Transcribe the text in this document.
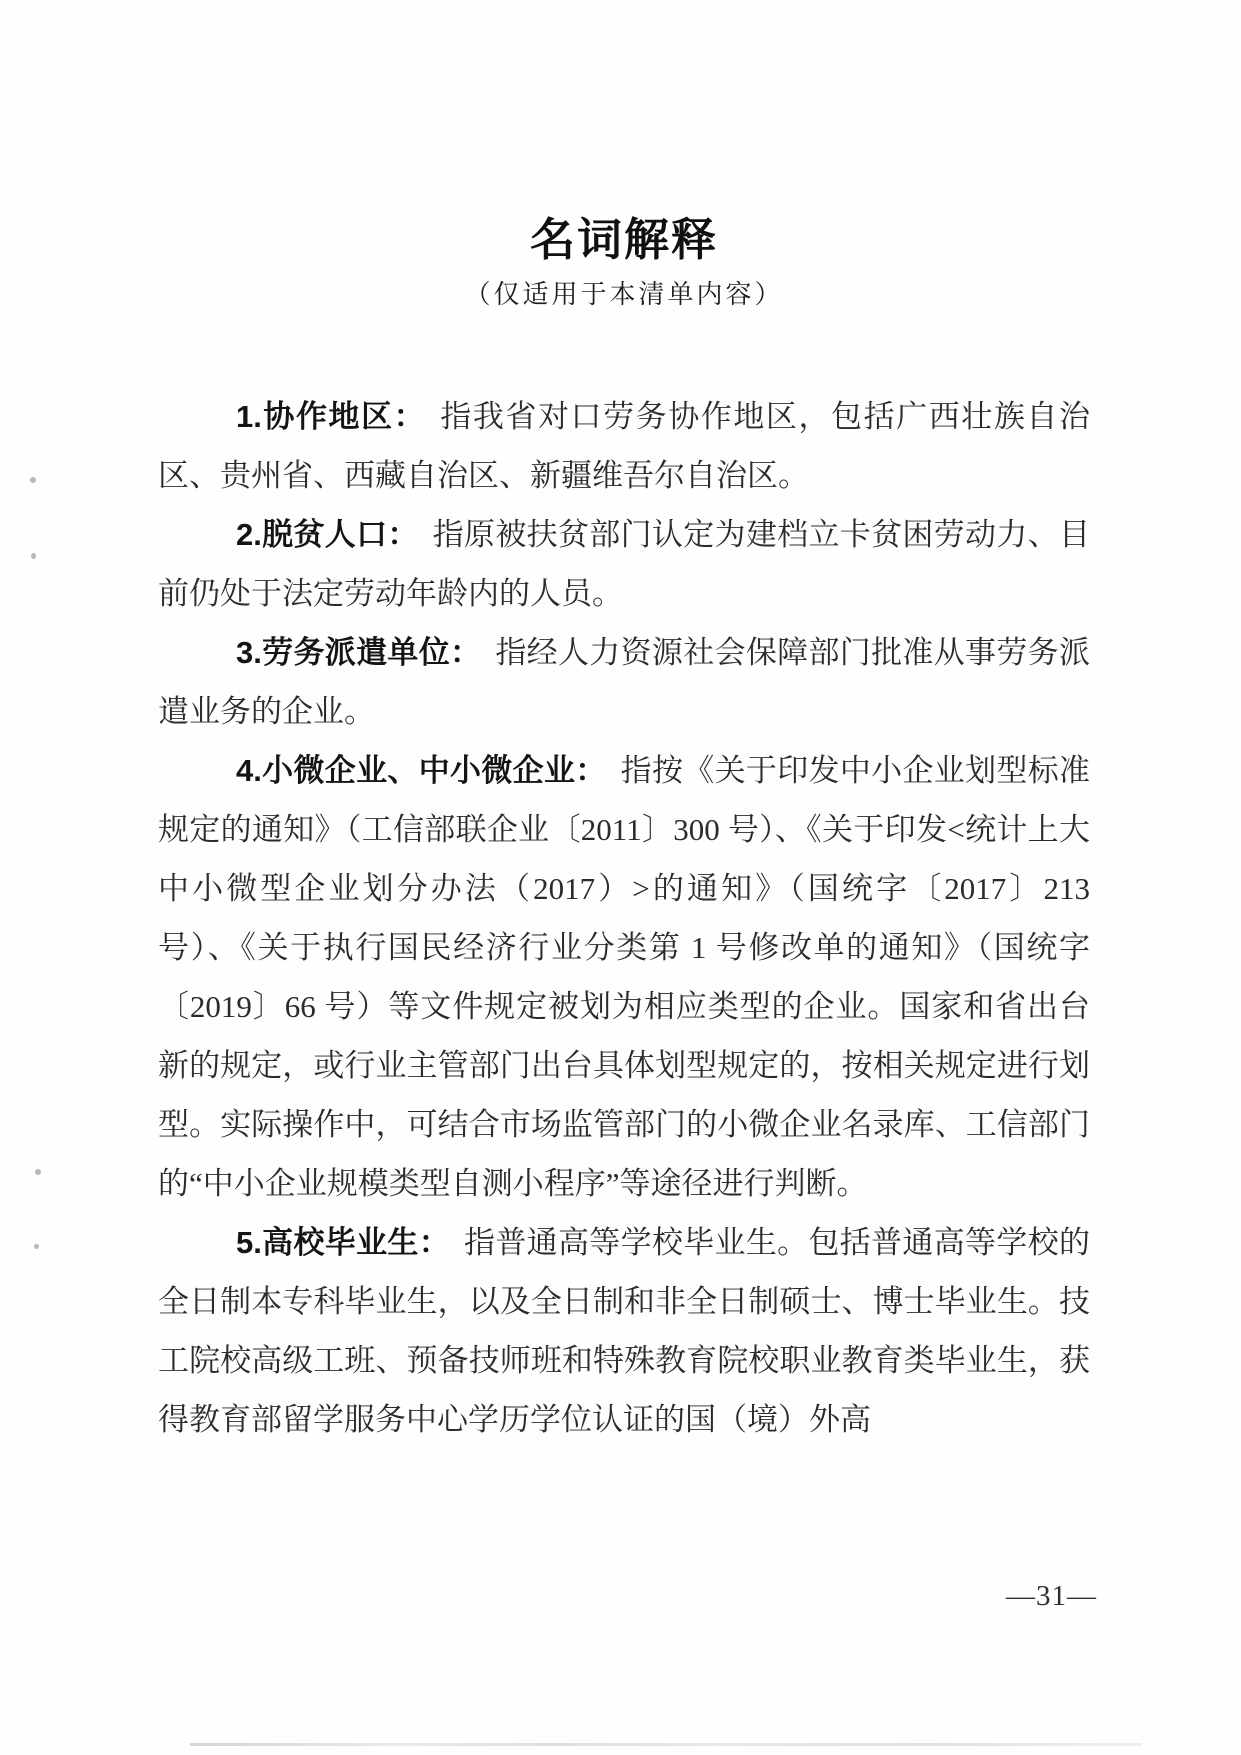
名词解释
（仅适用于本清单内容）

1.协作地区： 指我省对口劳务协作地区，包括广西壮族自治区、贵州省、西藏自治区、新疆维吾尔自治区。

2.脱贫人口： 指原被扶贫部门认定为建档立卡贫困劳动力、目前仍处于法定劳动年龄内的人员。

3.劳务派遣单位： 指经人力资源社会保障部门批准从事劳务派遣业务的企业。

4.小微企业、中小微企业： 指按《关于印发中小企业划型标准规定的通知》（工信部联企业〔2011〕300 号）、《关于印发<统计上大中小微型企业划分办法（2017）>的通知》（国统字〔2017〕213 号）、《关于执行国民经济行业分类第 1 号修改单的通知》（国统字〔2019〕66 号）等文件规定被划为相应类型的企业。国家和省出台新的规定，或行业主管部门出台具体划型规定的，按相关规定进行划型。实际操作中，可结合市场监管部门的小微企业名录库、工信部门的“中小企业规模类型自测小程序”等途径进行判断。

5.高校毕业生： 指普通高等学校毕业生。包括普通高等学校的全日制本专科毕业生，以及全日制和非全日制硕士、博士毕业生。技工院校高级工班、预备技师班和特殊教育院校职业教育类毕业生，获得教育部留学服务中心学历学位认证的国（境）外高

—31—
